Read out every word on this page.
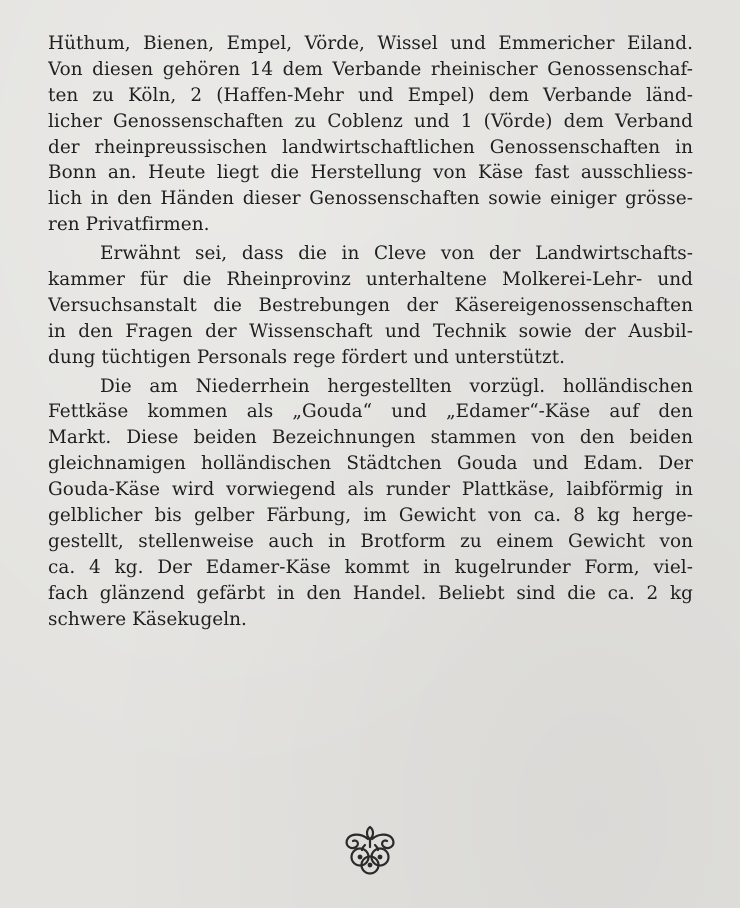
Hüthum, Bienen, Empel, Vörde, Wissel und Emmericher Eiland.
Von diesen gehören 14 dem Verbande rheinischer Genossenschaf-
ten zu Köln, 2 (Haffen-Mehr und Empel) dem Verbande länd-
licher Genossenschaften zu Coblenz und 1 (Vörde) dem Verband
der rheinpreussischen landwirtschaftlichen Genossenschaften in
Bonn an. Heute liegt die Herstellung von Käse fast ausschliess-
lich in den Händen dieser Genossenschaften sowie einiger grösse-
ren Privatfirmen.
Erwähnt sei, dass die in Cleve von der Landwirtschafts-
kammer für die Rheinprovinz unterhaltene Molkerei-Lehr- und
Versuchsanstalt die Bestrebungen der Käsereigenossenschaften
in den Fragen der Wissenschaft und Technik sowie der Ausbil-
dung tüchtigen Personals rege fördert und unterstützt.
Die am Niederrhein hergestellten vorzügl. holländischen
Fettkäse kommen als „Gouda“ und „Edamer“-Käse auf den
Markt. Diese beiden Bezeichnungen stammen von den beiden
gleichnamigen holländischen Städtchen Gouda und Edam. Der
Gouda-Käse wird vorwiegend als runder Plattkäse, laibförmig in
gelblicher bis gelber Färbung, im Gewicht von ca. 8 kg herge-
gestellt, stellenweise auch in Brotform zu einem Gewicht von
ca. 4 kg. Der Edamer-Käse kommt in kugelrunder Form, viel-
fach glänzend gefärbt in den Handel. Beliebt sind die ca. 2 kg
schwere Käsekugeln.
